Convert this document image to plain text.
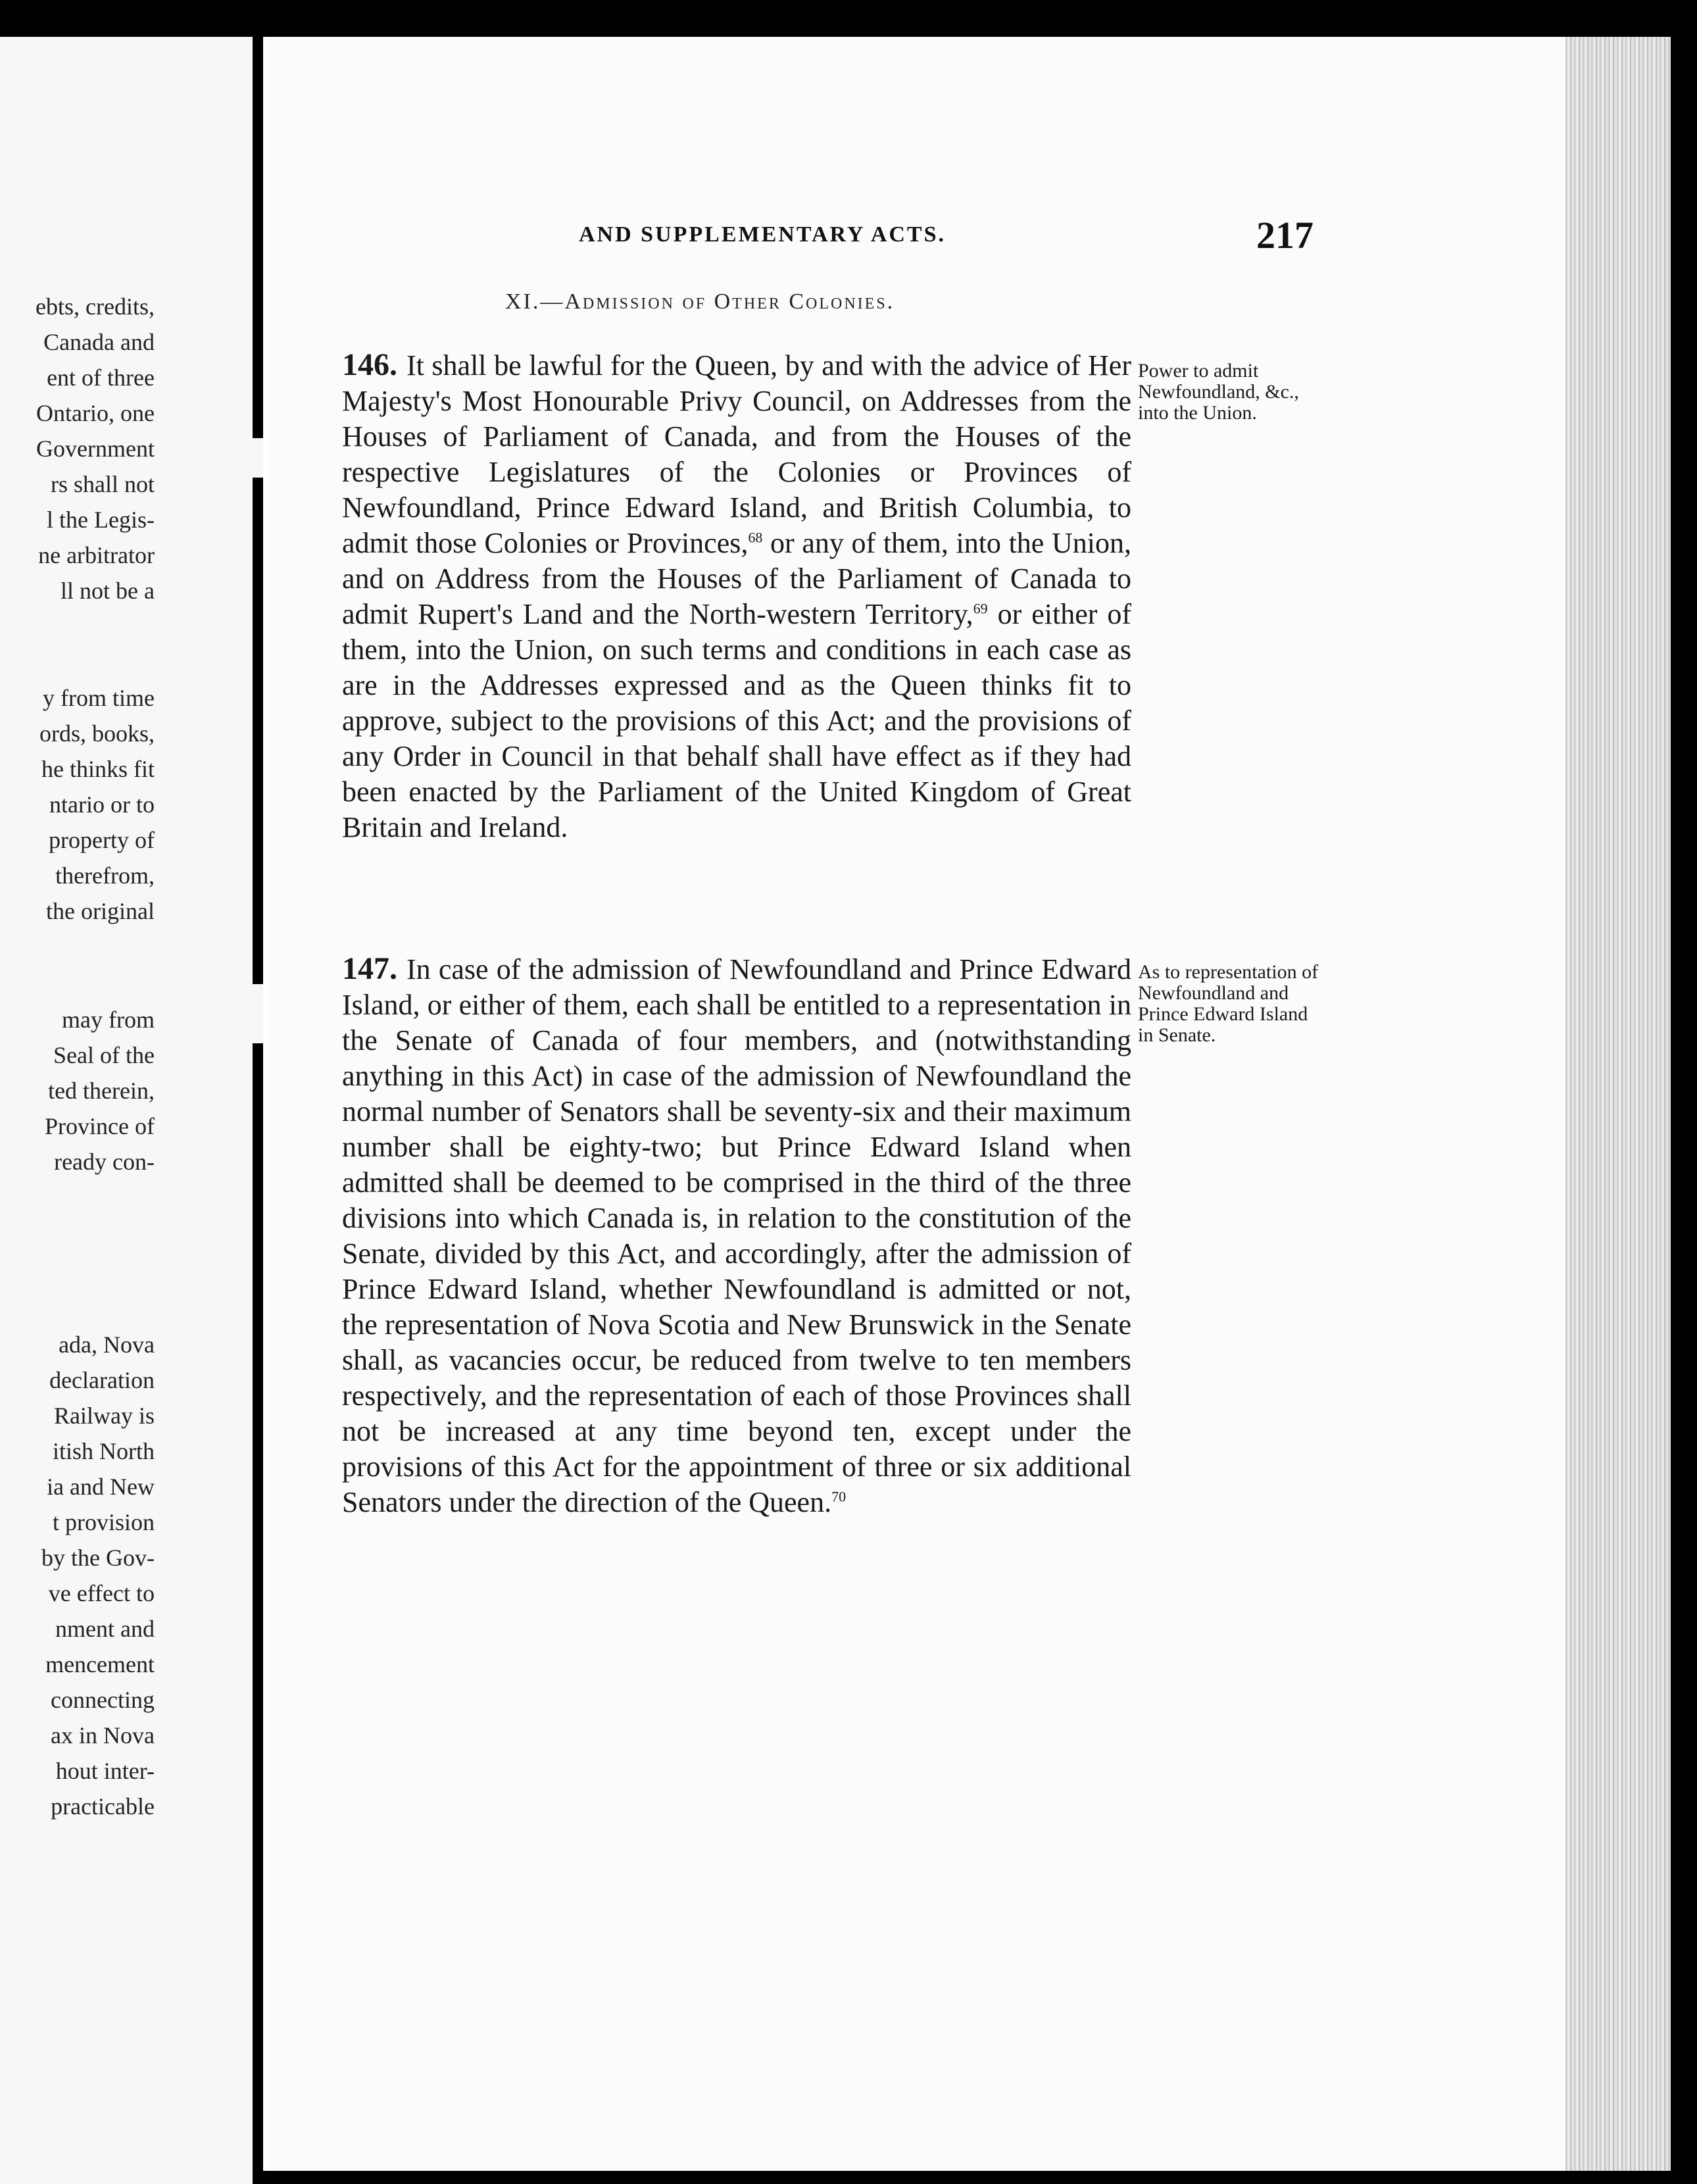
ebts, credits,
Canada and
ent of three
Ontario, one
Government
rs shall not
l the Legis-
ne arbitrator
ll not be a
y from time
ords, books,
he thinks fit
ntario or to
property of
therefrom,
the original
may from
Seal of the
ted therein,
Province of
ready con-
ada, Nova
declaration
Railway is
itish North
ia and New
t provision
by the Gov-
ve effect to
nment and
mencement
connecting
ax in Nova
hout inter-
practicable
AND SUPPLEMENTARY ACTS.	217
XI.—Admission of Other Colonies.
146. It shall be lawful for the Queen, by and with the advice of Her Majesty's Most Honourable Privy Council, on Addresses from the Houses of Parliament of Canada, and from the Houses of the respective Legislatures of the Colonies or Provinces of Newfoundland, Prince Edward Island, and British Columbia, to admit those Colonies or Provinces,$^{68}$ or any of them, into the Union, and on Address from the Houses of the Parliament of Canada to admit Rupert's Land and the North-western Territory,$^{69}$ or either of them, into the Union, on such terms and conditions in each case as are in the Addresses expressed and as the Queen thinks fit to approve, subject to the provisions of this Act; and the provisions of any Order in Council in that behalf shall have effect as if they had been enacted by the Parliament of the United Kingdom of Great Britain and Ireland.
Power to admit Newfoundland, &c., into the Union.
147. In case of the admission of Newfoundland and Prince Edward Island, or either of them, each shall be entitled to a representation in the Senate of Canada of four members, and (notwithstanding anything in this Act) in case of the admission of Newfoundland the normal number of Senators shall be seventy-six and their maximum number shall be eighty-two; but Prince Edward Island when admitted shall be deemed to be comprised in the third of the three divisions into which Canada is, in relation to the constitution of the Senate, divided by this Act, and accordingly, after the admission of Prince Edward Island, whether Newfoundland is admitted or not, the representation of Nova Scotia and New Brunswick in the Senate shall, as vacancies occur, be reduced from twelve to ten members respectively, and the representation of each of those Provinces shall not be increased at any time beyond ten, except under the provisions of this Act for the appointment of three or six additional Senators under the direction of the Queen.$^{70}$
As to representation of Newfoundland and Prince Edward Island in Senate.
